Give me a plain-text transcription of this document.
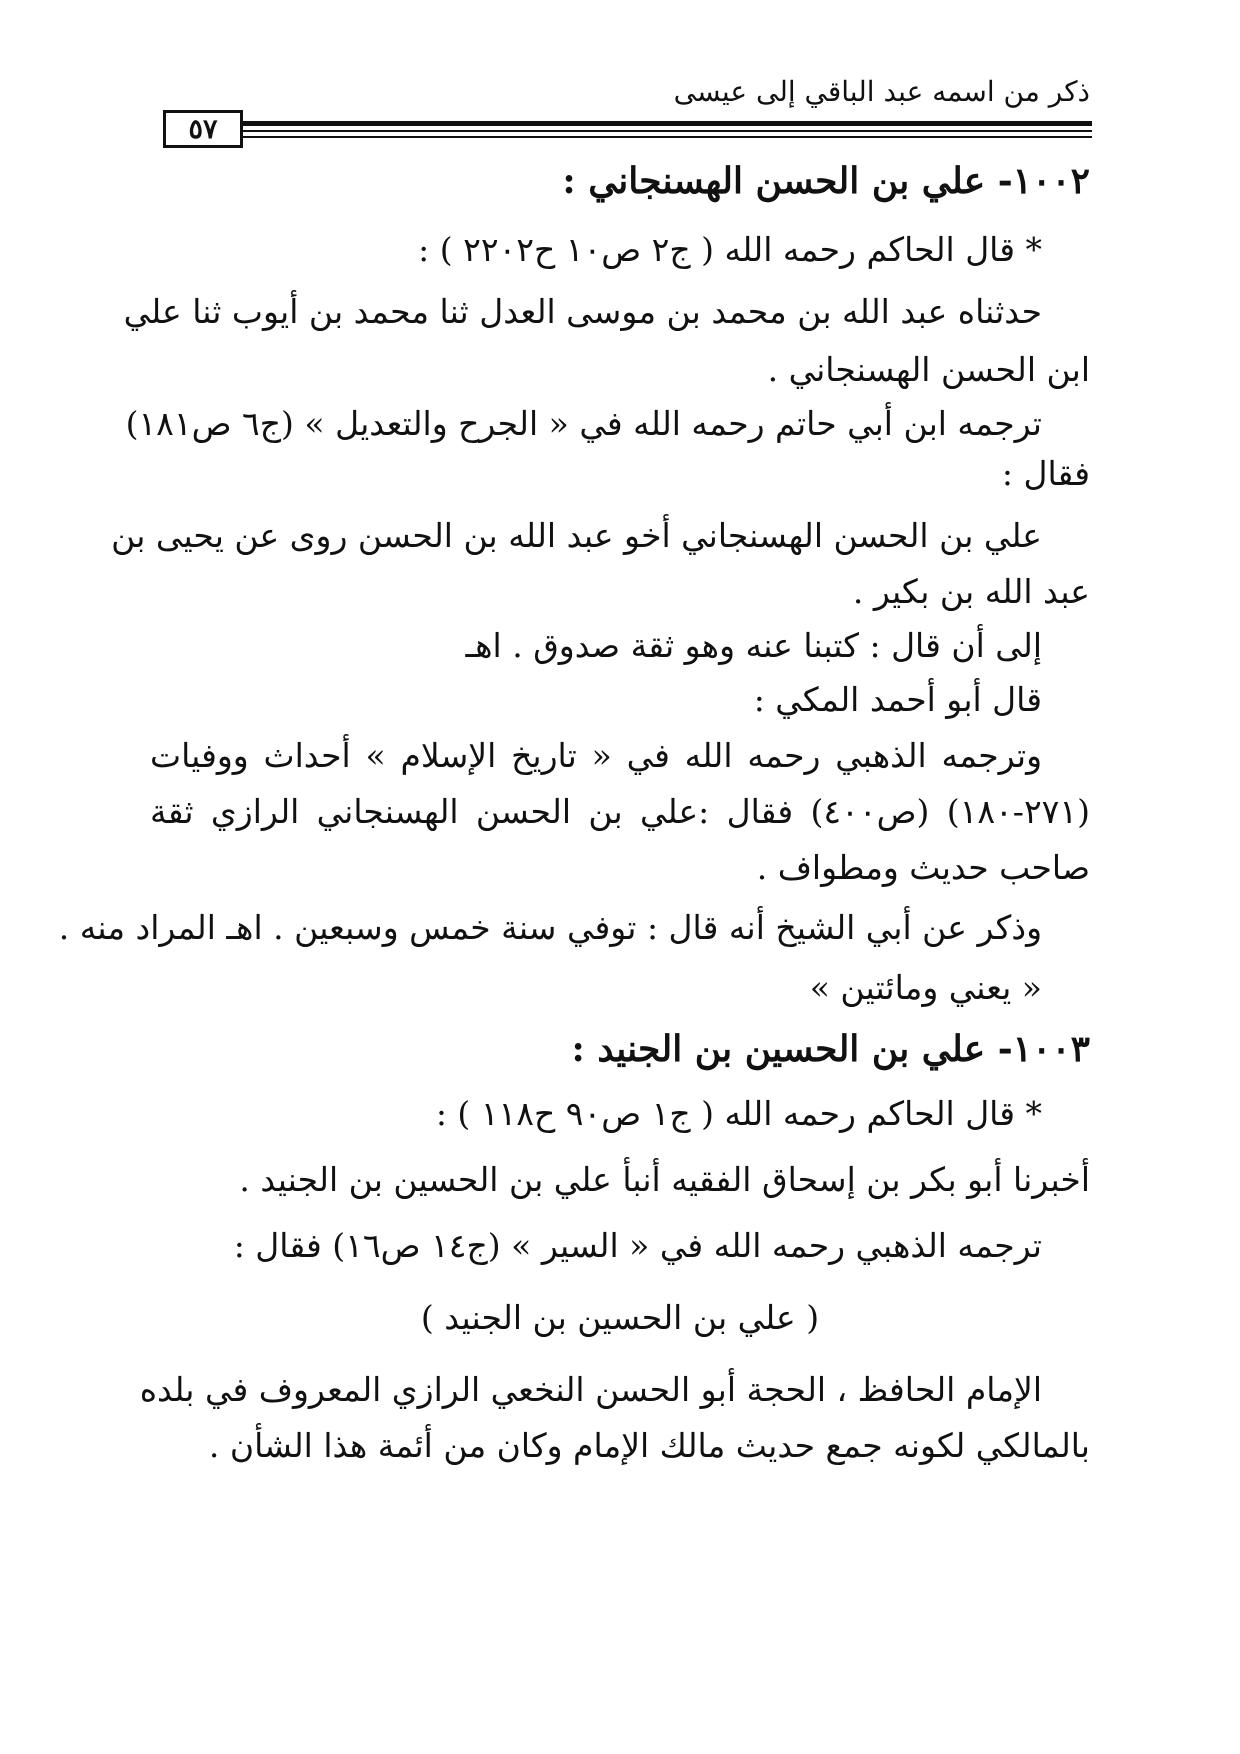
ذكر من اسمه عبد الباقي إلى عيسى
٥٧
١٠٠٢- علي بن الحسن الهسنجاني :
* قال الحاكم رحمه الله ( ج٢ ص١٠ ح٢٢٠٢ ) :
حدثناه عبد الله بن محمد بن موسى العدل ثنا محمد بن أيوب ثنا علي
ابن الحسن الهسنجاني .
ترجمه ابن أبي حاتم رحمه الله في « الجرح والتعديل » (ج٦ ص١٨١)
فقال :
علي بن الحسن الهسنجاني أخو عبد الله بن الحسن روى عن يحيى بن
عبد الله بن بكير .
إلى أن قال : كتبنا عنه وهو ثقة صدوق . اهـ
قال أبو أحمد المكي :
وترجمه الذهبي رحمه الله في « تاريخ الإسلام » أحداث ووفيات
(٢٧١-١٨٠) (ص٤٠٠) فقال :علي بن الحسن الهسنجاني الرازي ثقة
صاحب حديث ومطواف .
وذكر عن أبي الشيخ أنه قال : توفي سنة خمس وسبعين . اهـ المراد منه .
« يعني ومائتين »
١٠٠٣- علي بن الحسين بن الجنيد :
* قال الحاكم رحمه الله ( ج١ ص٩٠ ح١١٨ ) :
أخبرنا أبو بكر بن إسحاق الفقيه أنبأ علي بن الحسين بن الجنيد .
ترجمه الذهبي رحمه الله في « السير » (ج١٤ ص١٦) فقال :
( علي بن الحسين بن الجنيد )
الإمام الحافظ ، الحجة أبو الحسن النخعي الرازي المعروف في بلده
بالمالكي لكونه جمع حديث مالك الإمام وكان من أئمة هذا الشأن .
